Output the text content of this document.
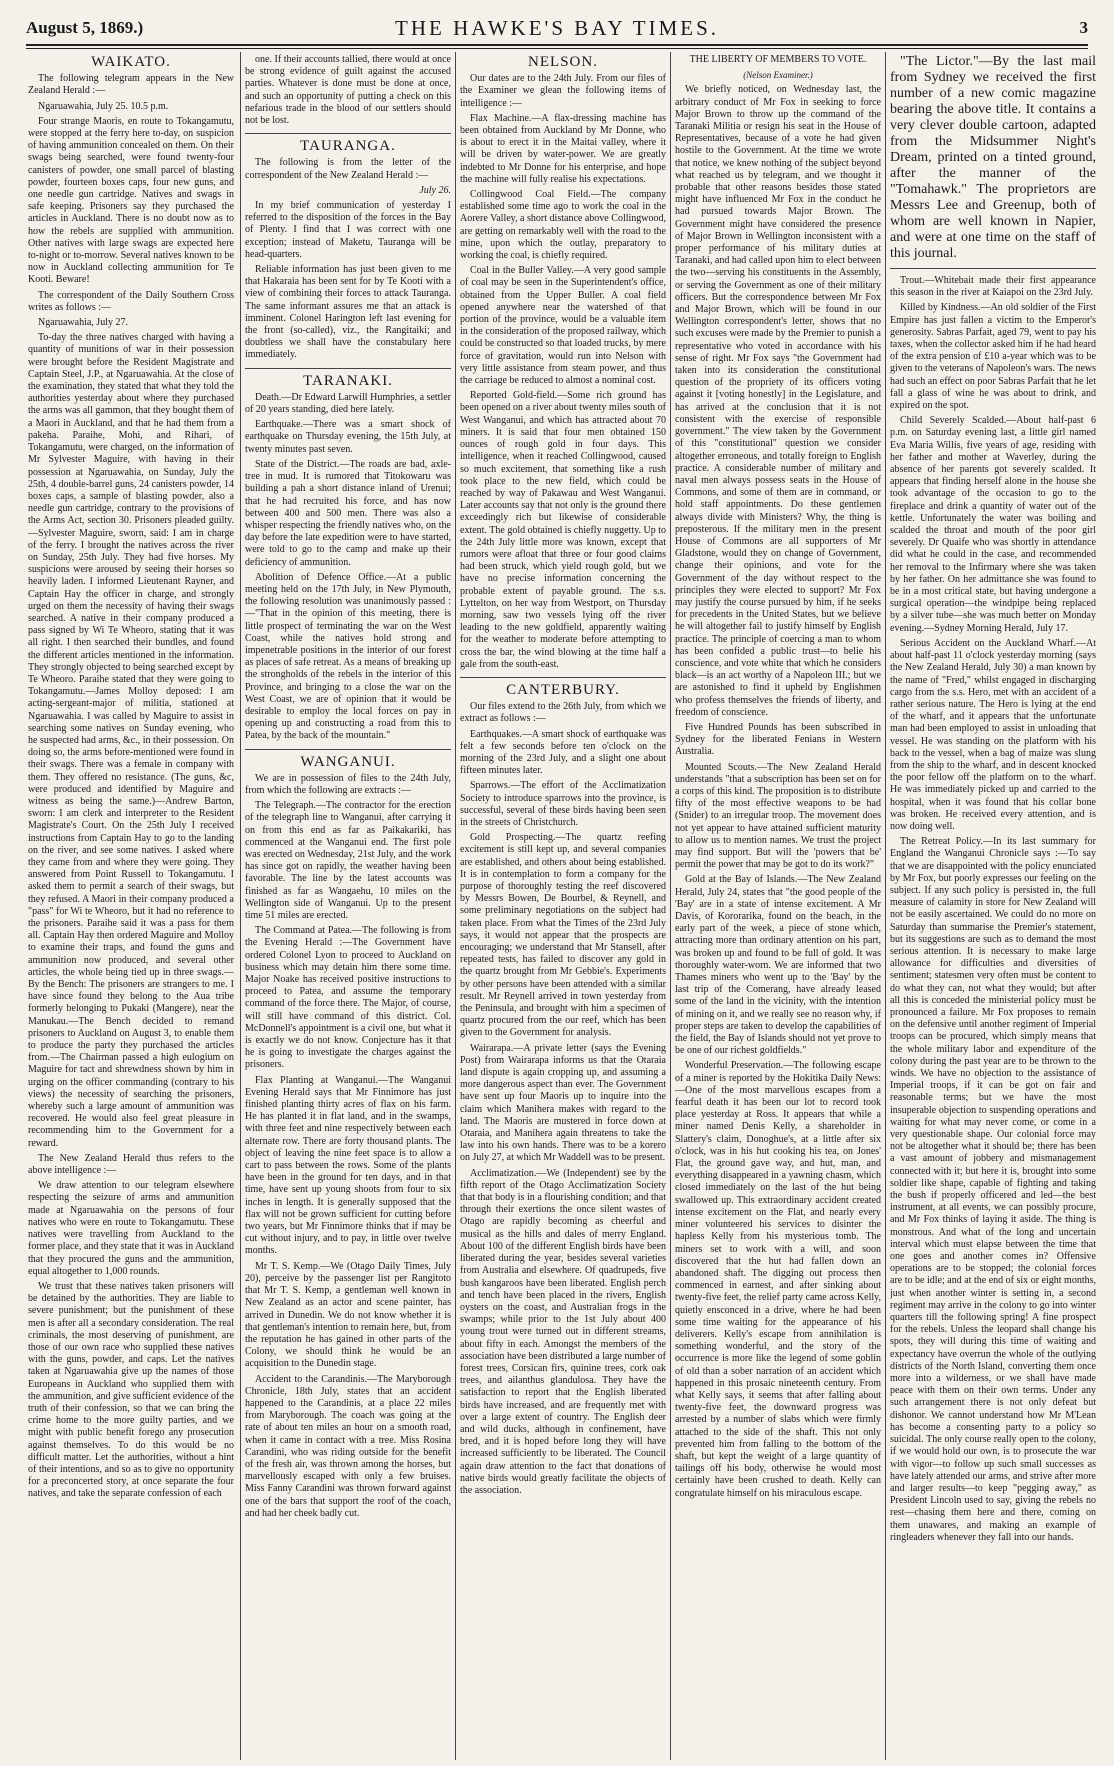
August 5, 1869.)	THE HAWKE'S BAY TIMES.	3
WAIKATO.

The following telegram appears in the New Zealand Herald :—

Ngaruawahia, July 25. 10.5 p.m.

Four strange Maoris, en route to Tokangamutu, were stopped at the ferry here to-day, on suspicion of having ammunition concealed on them. On their swags being searched, were found twenty-four canisters of powder, one small parcel of blasting powder, fourteen boxes caps, four new guns, and one needle gun cartridge. Natives and swags in safe keeping. Prisoners say they purchased the articles in Auckland. There is no doubt now as to how the rebels are supplied with ammunition. Other natives with large swags are expected here to-night or to-morrow. Several natives known to be now in Auckland collecting ammunition for Te Kooti. Beware!

The correspondent of the Daily Southern Cross writes as follows :—

Ngaruawahia, July 27.

To-day the three natives charged with having a quantity of munitions of war in their possession were brought before the Resident Magistrate and Captain Steel, J.P., at Ngaruawahia. At the close of the examination, they stated that what they told the authorities yesterday about where they purchased the arms was all gammon, that they bought them of a Maori in Auckland, and that he had them from a pakeha. Paraihe, Mohi, and Rihari, of Tokangamutu, were charged, on the information of Mr Sylvester Maguire, with having in their possession at Ngaruawahia, on Sunday, July the 25th, 4 double-barrel guns, 24 canisters powder, 14 boxes caps, a sample of blasting powder, also a needle gun cartridge, contrary to the provisions of the Arms Act, section 30. Prisoners pleaded guilty.—Sylvester Maguire, sworn, said: I am in charge of the ferry. I brought the natives across the river on Sunday, 25th July. They had five horses. My suspicions were aroused by seeing their horses so heavily laden. I informed Lieutenant Rayner, and Captain Hay the officer in charge, and strongly urged on them the necessity of having their swags searched. A native in their company produced a pass signed by Wi Te Wheoro, stating that it was all right. I then searched their bundles, and found the different articles mentioned in the information. They strongly objected to being searched except by Te Wheoro. Paraihe stated that they were going to Tokangamutu.—James Molloy deposed: I am acting-sergeant-major of militia, stationed at Ngaruawahia. I was called by Maguire to assist in searching some natives on Sunday evening, who he suspected had arms, &c., in their possession. On doing so, the arms before-mentioned were found in their swags. There was a female in company with them. They offered no resistance. (The guns, &c, were produced and identified by Maguire and witness as being the same.)—Andrew Barton, sworn: I am clerk and interpreter to the Resident Magistrate's Court. On the 25th July I received instructions from Captain Hay to go to the landing on the river, and see some natives. I asked where they came from and where they were going. They answered from Point Russell to Tokangamutu. I asked them to permit a search of their swags, but they refused. A Maori in their company produced a "pass" for Wi te Wheoro, but it had no reference to the prisoners. Paraihe said it was a pass for them all. Captain Hay then ordered Maguire and Molloy to examine their traps, and found the guns and ammunition now produced, and several other articles, the whole being tied up in three swags.—By the Bench: The prisoners are strangers to me. I have since found they belong to the Aua tribe formerly belonging to Pukaki (Mangere), near the Manukau.—The Bench decided to remand prisoners to Auckland on August 3, to enable them to produce the party they purchased the articles from.—The Chairman passed a high eulogium on Maguire for tact and shrewdness shown by him in urging on the officer commanding (contrary to his views) the necessity of searching the prisoners, whereby such a large amount of ammunition was recovered. He would also feel great pleasure in recommending him to the Government for a reward.

The New Zealand Herald thus refers to the above intelligence :—

We draw attention to our telegram elsewhere respecting the seizure of arms and ammunition made at Ngaruawahia on the persons of four natives who were en route to Tokangamutu. These natives were travelling from Auckland to the former place, and they state that it was in Auckland that they procured the guns and the ammunition, equal altogether to 1,000 rounds.

We trust that these natives taken prisoners will be detained by the authorities. They are liable to severe punishment; but the punishment of these men is after all a secondary consideration. The real criminals, the most deserving of punishment, are those of our own race who supplied these natives with the guns, powder, and caps. Let the natives taken at Ngaruawahia give up the names of those Europeans in Auckland who supplied them with the ammunition, and give sufficient evidence of the truth of their confession, so that we can bring the crime home to the more guilty parties, and we might with public benefit forego any prosecution against themselves. To do this would be no difficult matter. Let the authorities, without a hint of their intentions, and so as to give no opportunity for a preconcerted story, at once separate the four natives, and take the separate confession of each

one. If their accounts tallied, there would at once be strong evidence of guilt against the accused parties. Whatever is done must be done at once, and such an opportunity of putting a check on this nefarious trade in the blood of our settlers should not be lost.

TAURANGA.

The following is from the letter of the correspondent of the New Zealand Herald :—

July 26.

In my brief communication of yesterday I referred to the disposition of the forces in the Bay of Plenty. I find that I was correct with one exception; instead of Maketu, Tauranga will be head-quarters.

Reliable information has just been given to me that Hakaraia has been sent for by Te Kooti with a view of combining their forces to attack Tauranga. The same informant assures me that an attack is imminent. Colonel Harington left last evening for the front (so-called), viz., the Rangitaiki; and doubtless we shall have the constabulary here immediately.

TARANAKI.

Death.—Dr Edward Larwill Humphries, a settler of 20 years standing, died here lately.

Earthquake.—There was a smart shock of earthquake on Thursday evening, the 15th July, at twenty minutes past seven.

State of the District.—The roads are bad, axle-tree in mud. It is rumored that Titokowaru was building a pah a short distance inland of Urenui; that he had recruited his force, and has now between 400 and 500 men. There was also a whisper respecting the friendly natives who, on the day before the late expedition were to have started, were told to go to the camp and make up their deficiency of ammunition.

Abolition of Defence Office.—At a public meeting held on the 17th July, in New Plymouth, the following resolution was unanimously passed :—"That in the opinion of this meeting, there is little prospect of terminating the war on the West Coast, while the natives hold strong and impenetrable positions in the interior of our forest as places of safe retreat. As a means of breaking up the strongholds of the rebels in the interior of this Province, and bringing to a close the war on the West Coast, we are of opinion that it would be desirable to employ the local forces on pay in opening up and constructing a road from this to Patea, by the back of the mountain."

WANGANUI.

We are in possession of files to the 24th July, from which the following are extracts :—

The Telegraph.—The contractor for the erection of the telegraph line to Wanganui, after carrying it on from this end as far as Paikakariki, has commenced at the Wanganui end. The first pole was erected on Wednesday, 21st July, and the work has since got on rapidly, the weather having been favorable. The line by the latest accounts was finished as far as Wangaehu, 10 miles on the Wellington side of Wanganui. Up to the present time 51 miles are erected.

The Command at Patea.—The following is from the Evening Herald :—The Government have ordered Colonel Lyon to proceed to Auckland on business which may detain him there some time. Major Noake has received positive instructions to proceed to Patea, and assume the temporary command of the force there. The Major, of course, will still have command of this district. Col. McDonnell's appointment is a civil one, but what it is exactly we do not know. Conjecture has it that he is going to investigate the charges against the prisoners.

Flax Planting at Wanganui.—The Wanganui Evening Herald says that Mr Finnimore has just finished planting thirty acres of flax on his farm. He has planted it in flat land, and in the swamps, with three feet and nine respectively between each alternate row. There are forty thousand plants. The object of leaving the nine feet space is to allow a cart to pass between the rows. Some of the plants have been in the ground for ten days, and in that time, have sent up young shoots from four to six inches in length. It is generally supposed that the flax will not be grown sufficient for cutting before two years, but Mr Finnimore thinks that if may be cut without injury, and to pay, in little over twelve months.

Mr T. S. Kemp.—We (Otago Daily Times, July 20), perceive by the passenger list per Rangitoto that Mr T. S. Kemp, a gentleman well known in New Zealand as an actor and scene painter, has arrived in Dunedin. We do not know whether it is that gentleman's intention to remain here, but, from the reputation he has gained in other parts of the Colony, we should think he would be an acquisition to the Dunedin stage.

Accident to the Carandinis.—The Maryborough Chronicle, 18th July, states that an accident happened to the Carandinis, at a place 22 miles from Maryborough. The coach was going at the rate of about ten miles an hour on a smooth road, when it came in contact with a tree. Miss Rosina Carandini, who was riding outside for the benefit of the fresh air, was thrown among the horses, but marvellously escaped with only a few bruises. Miss Fanny Carandini was thrown forward against one of the bars that support the roof of the coach, and had her cheek badly cut.

NELSON.

Our dates are to the 24th July. From our files of the Examiner we glean the following items of intelligence :—

Flax Machine.—A flax-dressing machine has been obtained from Auckland by Mr Donne, who is about to erect it in the Maitai valley, where it will be driven by water-power. We are greatly indebted to Mr Donne for his enterprise, and hope the machine will fully realise his expectations.

Collingwood Coal Field.—The company established some time ago to work the coal in the Aorere Valley, a short distance above Collingwood, are getting on remarkably well with the road to the mine, upon which the outlay, preparatory to working the coal, is chiefly required.

Coal in the Buller Valley.—A very good sample of coal may be seen in the Superintendent's office, obtained from the Upper Buller. A coal field opened anywhere near the watershed of that portion of the province, would be a valuable item in the consideration of the proposed railway, which could be constructed so that loaded trucks, by mere force of gravitation, would run into Nelson with very little assistance from steam power, and thus the carriage be reduced to almost a nominal cost.

Reported Gold-field.—Some rich ground has been opened on a river about twenty miles south of West Wanganui, and which has attracted about 70 miners. It is said that four men obtained 150 ounces of rough gold in four days. This intelligence, when it reached Collingwood, caused so much excitement, that something like a rush took place to the new field, which could be reached by way of Pakawau and West Wanganui. Later accounts say that not only is the ground there exceedingly rich but likewise of considerable extent. The gold obtained is chiefly nuggetty. Up to the 24th July little more was known, except that rumors were afloat that three or four good claims had been struck, which yield rough gold, but we have no precise information concerning the probable extent of payable ground. The s.s. Lyttelton, on her way from Westport, on Thursday morning, saw two vessels lying off the river leading to the new goldfield, apparently waiting for the weather to moderate before attempting to cross the bar, the wind blowing at the time half a gale from the south-east.

CANTERBURY.

Our files extend to the 26th July, from which we extract as follows :—

Earthquakes.—A smart shock of earthquake was felt a few seconds before ten o'clock on the morning of the 23rd July, and a slight one about fifteen minutes later.

Sparrows.—The effort of the Acclimatization Society to introduce sparrows into the province, is successful, several of these birds having been seen in the streets of Christchurch.

Gold Prospecting.—The quartz reefing excitement is still kept up, and several companies are established, and others about being established. It is in contemplation to form a company for the purpose of thoroughly testing the reef discovered by Messrs Bowen, De Bourbel, & Reynell, and some preliminary negotiations on the subject had taken place. From what the Times of the 23rd July says, it would not appear that the prospects are encouraging; we understand that Mr Stansell, after repeated tests, has failed to discover any gold in the quartz brought from Mr Gebbie's. Experiments by other persons have been attended with a similar result. Mr Reynell arrived in town yesterday from the Peninsula, and brought with him a specimen of quartz procured from the our reef, which has been given to the Government for analysis.

Wairarapa.—A private letter (says the Evening Post) from Wairarapa informs us that the Otaraia land dispute is again cropping up, and assuming a more dangerous aspect than ever. The Government have sent up four Maoris up to inquire into the claim which Manihera makes with regard to the land. The Maoris are mustered in force down at Otaraia, and Manihera again threatens to take the law into his own hands. There was to be a korero on July 27, at which Mr Waddell was to be present.

Acclimatization.—We (Independent) see by the fifth report of the Otago Acclimatization Society that that body is in a flourishing condition; and that through their exertions the once silent wastes of Otago are rapidly becoming as cheerful and musical as the hills and dales of merry England. About 100 of the different English birds have been liberated during the year, besides several varieties from Australia and elsewhere. Of quadrupeds, five bush kangaroos have been liberated. English perch and tench have been placed in the rivers, English oysters on the coast, and Australian frogs in the swamps; while prior to the 1st July about 400 young trout were turned out in different streams, about fifty in each. Amongst the members of the association have been distributed a large number of forest trees, Corsican firs, quinine trees, cork oak trees, and ailanthus glandulosa. They have the satisfaction to report that the English liberated birds have increased, and are frequently met with over a large extent of country. The English deer and wild ducks, although in confinement, have bred, and it is hoped before long they will have increased sufficiently to be liberated. The Council again draw attention to the fact that donations of native birds would greatly facilitate the objects of the association.

THE LIBERTY OF MEMBERS TO VOTE.

(Nelson Examiner.)

We briefly noticed, on Wednesday last, the arbitrary conduct of Mr Fox in seeking to force Major Brown to throw up the command of the Taranaki Militia or resign his seat in the House of Representatives, because of a vote he had given hostile to the Government. At the time we wrote that notice, we knew nothing of the subject beyond what reached us by telegram, and we thought it probable that other reasons besides those stated might have influenced Mr Fox in the conduct he had pursued towards Major Brown. The Government might have considered the presence of Major Brown in Wellington inconsistent with a proper performance of his military duties at Taranaki, and had called upon him to elect between the two—serving his constituents in the Assembly, or serving the Government as one of their military officers. But the correspondence between Mr Fox and Major Brown, which will be found in our Wellington correspondent's letter, shows that no such excuses were made by the Premier to punish a representative who voted in accordance with his sense of right. Mr Fox says "the Government had taken into its consideration the constitutional question of the propriety of its officers voting against it [voting honestly] in the Legislature, and has arrived at the conclusion that it is not consistent with the exercise of responsible government." The view taken by the Government of this "constitutional" question we consider altogether erroneous, and totally foreign to English practice. A considerable number of military and naval men always possess seats in the House of Commons, and some of them are in command, or hold staff appointments. Do these gentlemen always divide with Ministers? Why, the thing is preposterous. If the military men in the present House of Commons are all supporters of Mr Gladstone, would they on change of Government, change their opinions, and vote for the Government of the day without respect to the principles they were elected to support? Mr Fox may justify the course pursued by him, if he seeks for precedents in the United States, but we believe he will altogether fail to justify himself by English practice. The principle of coercing a man to whom has been confided a public trust—to belie his conscience, and vote white that which he considers black—is an act worthy of a Napoleon III.; but we are astonished to find it upheld by Englishmen who profess themselves the friends of liberty, and freedom of conscience.

Five Hundred Pounds has been subscribed in Sydney for the liberated Fenians in Western Australia.

Mounted Scouts.—The New Zealand Herald understands "that a subscription has been set on for a corps of this kind. The proposition is to distribute fifty of the most effective weapons to be had (Snider) to an irregular troop. The movement does not yet appear to have attained sufficient maturity to allow us to mention names. We trust the project may find support. But will the 'powers that be' permit the power that may be got to do its work?"

Gold at the Bay of Islands.—The New Zealand Herald, July 24, states that "the good people of the 'Bay' are in a state of intense excitement. A Mr Davis, of Kororarika, found on the beach, in the early part of the week, a piece of stone which, attracting more than ordinary attention on his part, was broken up and found to be full of gold. It was thoroughly water-worn. We are informed that two Thames miners who went up to the 'Bay' by the last trip of the Comerang, have already leased some of the land in the vicinity, with the intention of mining on it, and we really see no reason why, if proper steps are taken to develop the capabilities of the field, the Bay of Islands should not yet prove to be one of our richest goldfields."

Wonderful Preservation.—The following escape of a miner is reported by the Hokitika Daily News:—One of the most marvellous escapes from a fearful death it has been our lot to record took place yesterday at Ross. It appears that while a miner named Denis Kelly, a shareholder in Slattery's claim, Donoghue's, at a little after six o'clock, was in his hut cooking his tea, on Jones' Flat, the ground gave way, and hut, man, and everything disappeared in a yawning chasm, which closed immediately on the last of the hut being swallowed up. This extraordinary accident created intense excitement on the Flat, and nearly every miner volunteered his services to disinter the hapless Kelly from his mysterious tomb. The miners set to work with a will, and soon discovered that the hut had fallen down an abandoned shaft. The digging out process then commenced in earnest, and after sinking about twenty-five feet, the relief party came across Kelly, quietly ensconced in a drive, where he had been some time waiting for the appearance of his deliverers. Kelly's escape from annihilation is something wonderful, and the story of the occurrence is more like the legend of some goblin of old than a sober narration of an accident which happened in this prosaic nineteenth century. From what Kelly says, it seems that after falling about twenty-five feet, the downward progress was arrested by a number of slabs which were firmly attached to the side of the shaft. This not only prevented him from falling to the bottom of the shaft, but kept the weight of a large quantity of tailings off his body, otherwise he would most certainly have been crushed to death. Kelly can congratulate himself on his miraculous escape.

"The Lictor."—By the last mail from Sydney we received the first number of a new comic magazine bearing the above title. It contains a very clever double cartoon, adapted from the Midsummer Night's Dream, printed on a tinted ground, after the manner of the "Tomahawk." The proprietors are Messrs Lee and Greenup, both of whom are well known in Napier, and were at one time on the staff of this journal.

Trout.—Whitebait made their first appearance this season in the river at Kaiapoi on the 23rd July.

Killed by Kindness.—An old soldier of the First Empire has just fallen a victim to the Emperor's generosity. Sabras Parfait, aged 79, went to pay his taxes, when the collector asked him if he had heard of the extra pension of £10 a-year which was to be given to the veterans of Napoleon's wars. The news had such an effect on poor Sabras Parfait that he let fall a glass of wine he was about to drink, and expired on the spot.

Child Severely Scalded.—About half-past 6 p.m. on Saturday evening last, a little girl named Eva Maria Willis, five years of age, residing with her father and mother at Waverley, during the absence of her parents got severely scalded. It appears that finding herself alone in the house she took advantage of the occasion to go to the fireplace and drink a quantity of water out of the kettle. Unfortunately the water was boiling and scalded the throat and mouth of the poor girl severely. Dr Quaife who was shortly in attendance did what he could in the case, and recommended her removal to the Infirmary where she was taken by her father. On her admittance she was found to be in a most critical state, but having undergone a surgical operation—the windpipe being replaced by a silver tube—she was much better on Monday evening.—Sydney Morning Herald, July 17.

Serious Accident on the Auckland Wharf.—At about half-past 11 o'clock yesterday morning (says the New Zealand Herald, July 30) a man known by the name of "Fred," whilst engaged in discharging cargo from the s.s. Hero, met with an accident of a rather serious nature. The Hero is lying at the end of the wharf, and it appears that the unfortunate man had been employed to assist in unloading that vessel. He was standing on the platform with his back to the vessel, when a bag of maize was slung from the ship to the wharf, and in descent knocked the poor fellow off the platform on to the wharf. He was immediately picked up and carried to the hospital, when it was found that his collar bone was broken. He received every attention, and is now doing well.

The Retreat Policy.—In its last summary for England the Wanganui Chronicle says :—To say that we are disappointed with the policy enunciated by Mr Fox, but poorly expresses our feeling on the subject. If any such policy is persisted in, the full measure of calamity in store for New Zealand will not be easily ascertained. We could do no more on Saturday than summarise the Premier's statement, but its suggestions are such as to demand the most serious attention. It is necessary to make large allowance for difficulties and diversities of sentiment; statesmen very often must be content to do what they can, not what they would; but after all this is conceded the ministerial policy must be pronounced a failure. Mr Fox proposes to remain on the defensive until another regiment of Imperial troops can be procured, which simply means that the whole military labor and expenditure of the colony during the past year are to be thrown to the winds. We have no objection to the assistance of Imperial troops, if it can be got on fair and reasonable terms; but we have the most insuperable objection to suspending operations and waiting for what may never come, or come in a very questionable shape. Our colonial force may not be altogether what it should be; there has been a vast amount of jobbery and mismanagement connected with it; but here it is, brought into some soldier like shape, capable of fighting and taking the bush if properly officered and led—the best instrument, at all events, we can possibly procure, and Mr Fox thinks of laying it aside. The thing is monstrous. And what of the long and uncertain interval which must elapse between the time that one goes and another comes in? Offensive operations are to be stopped; the colonial forces are to be idle; and at the end of six or eight months, just when another winter is setting in, a second regiment may arrive in the colony to go into winter quarters till the following spring! A fine prospect for the rebels. Unless the leopard shall change his spots, they will during this time of waiting and expectancy have overrun the whole of the outlying districts of the North Island, converting them once more into a wilderness, or we shall have made peace with them on their own terms. Under any such arrangement there is not only defeat but dishonor. We cannot understand how Mr M'Lean has become a consenting party to a policy so suicidal. The only course really open to the colony, if we would hold our own, is to prosecute the war with vigor—to follow up such small successes as have lately attended our arms, and strive after more and larger results—to keep "pegging away," as President Lincoln used to say, giving the rebels no rest—chasing them here and there, coming on them unawares, and making an example of ringleaders whenever they fall into our hands.
